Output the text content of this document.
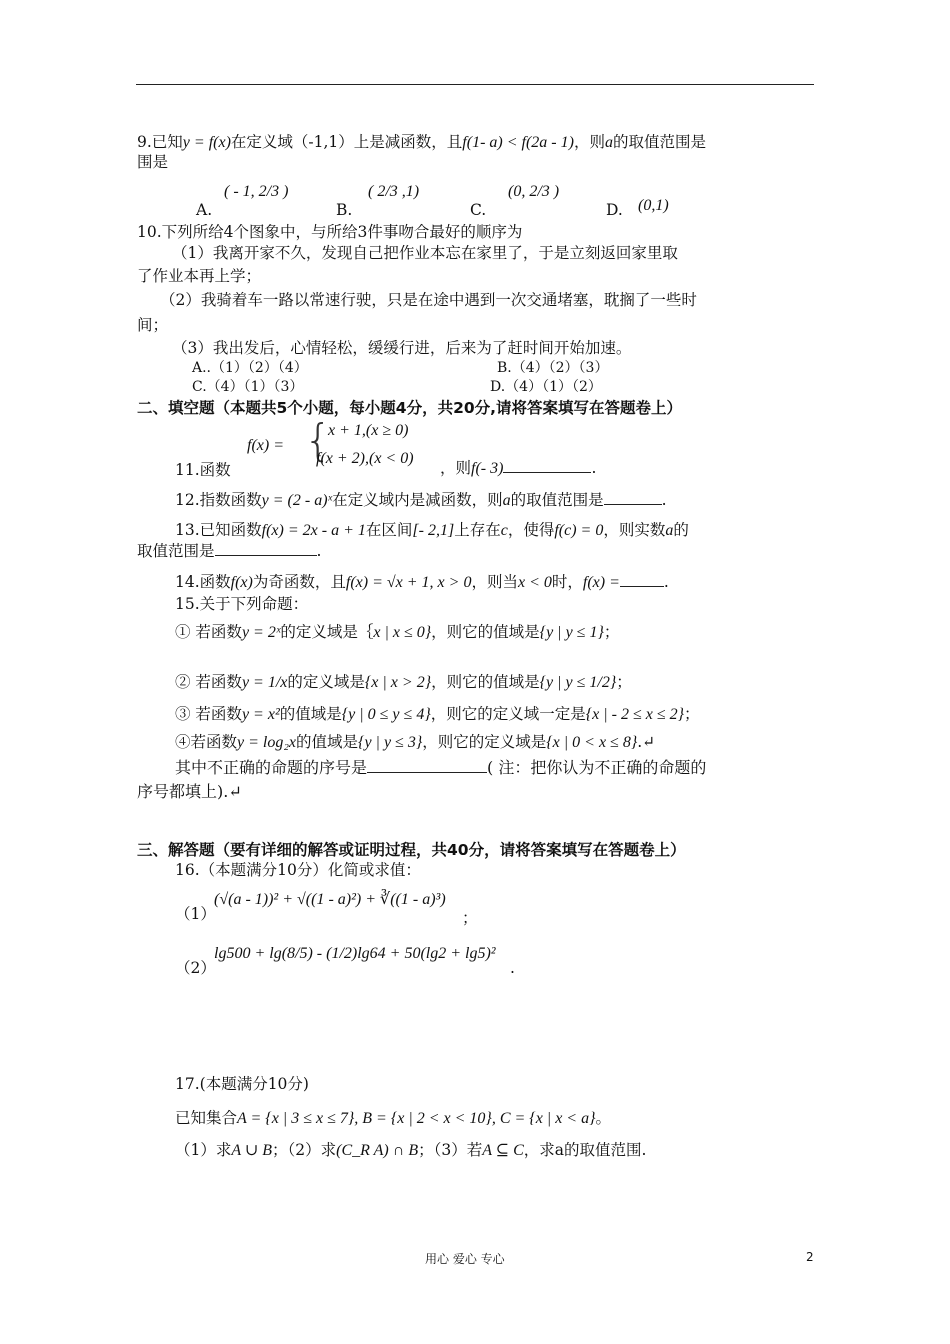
9.已知y = f(x)在定义域（-1,1）上是减函数，且f(1- a) < f(2a - 1)，则a的取值范围是
围是
A.
( - 1, 2/3 )
B.
( 2/3 ,1)
C.
(0, 2/3 )
D. (0,1)
10.下列所给4个图象中，与所给3件事吻合最好的顺序为
（1）我离开家不久，发现自己把作业本忘在家里了，于是立刻返回家里取
了作业本再上学；
（2）我骑着车一路以常速行驶，只是在途中遇到一次交通堵塞，耽搁了一些时
间；
（3）我出发后，心情轻松，缓缓行进，后来为了赶时间开始加速。
A..（1）（2）（4）	B.（4）（2）（3）
C.（4）（1）（3）	D.（4）（1）（2）
二、填空题（本题共5个小题，每小题4分，共20分,请将答案填写在答题卷上）
f(x) = {
x + 1,(x ≥ 0)
f(x + 2),(x < 0)
11.函数	，则f(- 3)	.
12.指数函数y = (2 - a)ˣ在定义域内是减函数，则a的取值范围是	.
13.已知函数f(x) = 2x - a + 1在区间[- 2,1]上存在c，使得f(c) = 0，则实数a的
取值范围是	.
14.函数f(x)为奇函数，且f(x) = √x + 1, x > 0，则当x < 0时，f(x) =	.
15.关于下列命题：
① 若函数y = 2ˣ的定义域是｛x | x ≤ 0}，则它的值域是{y | y ≤ 1}；
② 若函数y = 1/x的定义域是{x | x > 2}，则它的值域是{y | y ≤ 1/2}；
③ 若函数y = x²的值域是{y | 0 ≤ y ≤ 4}，则它的定义域一定是{x | - 2 ≤ x ≤ 2}；
④若函数y = log₂x的值域是{y | y ≤ 3}，则它的定义域是{x | 0 < x ≤ 8}.↵
其中不正确的命题的序号是	( 注：把你认为不正确的命题的
序号都填上).↵
三、解答题（要有详细的解答或证明过程，共40分，请将答案填写在答题卷上）
16.（本题满分10分）化简或求值：
（1）
(√(a - 1))² + √((1 - a)²) + ∛((1 - a)³)
；
（2）
lg500 + lg(8/5) - (1/2)lg64 + 50(lg2 + lg5)²
.
17.(本题满分10分)
已知集合A = {x | 3 ≤ x ≤ 7}, B = {x | 2 < x < 10}, C = {x | x < a}。
（1）求A ∪ B；（2）求(C_R A) ∩ B；（3）若A ⊆ C，求a的取值范围.
用心 爱心 专心	2
